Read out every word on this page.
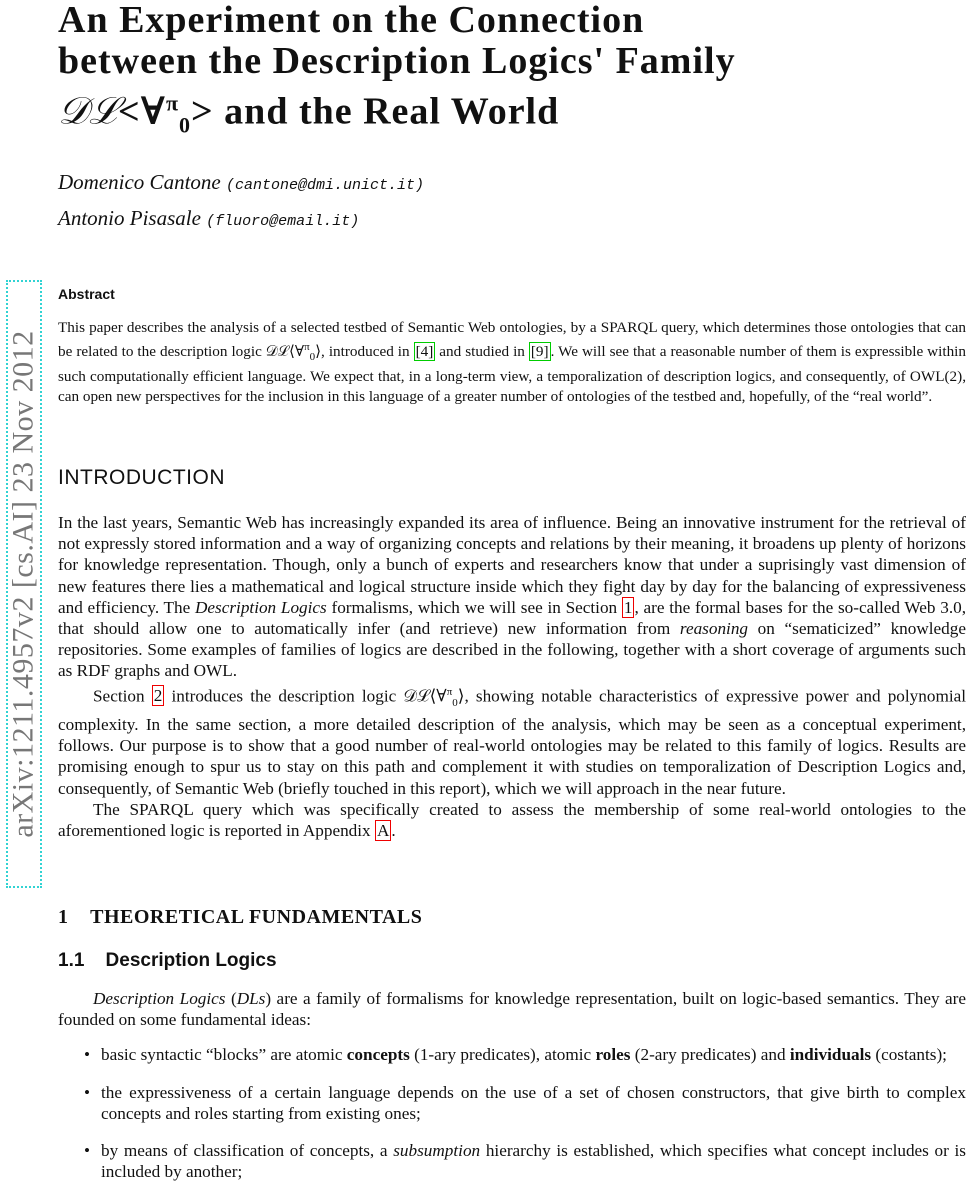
An Experiment on the Connection
between the Description Logics' Family
𝒟ℒ<∀$^\pi_0$> and the Real World
Domenico Cantone (cantone@dmi.unict.it)
Antonio Pisasale (fluoro@email.it)
arXiv:1211.4957v2 [cs.AI] 23 Nov 2012
Abstract
This paper describes the analysis of a selected testbed of Semantic Web ontologies, by a SPARQL query, which determines those ontologies that can be related to the description logic 𝒟ℒ⟨∀$^\pi_0$⟩, introduced in [4] and studied in [9] . We will see that a reasonable number of them is expressible within such computationally efficient language. We expect that, in a long-term view, a temporalization of description logics, and consequently, of OWL(2), can open new perspectives for the inclusion in this language of a greater number of ontologies of the testbed and, hopefully, of the “real world”.
INTRODUCTION

In the last years, Semantic Web has increasingly expanded its area of influence. Being an innovative instrument for the retrieval of not expressly stored information and a way of organizing concepts and relations by their meaning, it broadens up plenty of horizons for knowledge representation. Though, only a bunch of experts and researchers know that under a suprisingly vast dimension of new features there lies a mathematical and logical structure inside which they fight day by day for the balancing of expressiveness and efficiency. The Description Logics formalisms, which we will see in Section 1 , are the formal bases for the so-called Web 3.0, that should allow one to automatically infer (and retrieve) new information from reasoning on “sematicized” knowledge repositories. Some examples of families of logics are described in the following, together with a short coverage of arguments such as RDF graphs and OWL.

Section 2 introduces the description logic 𝒟ℒ⟨∀$^\pi_0$⟩, showing notable characteristics of expressive power and polynomial complexity. In the same section, a more detailed description of the analysis, which may be seen as a conceptual experiment, follows. Our purpose is to show that a good number of real-world ontologies may be related to this family of logics. Results are promising enough to spur us to stay on this path and complement it with studies on temporalization of Description Logics and, consequently, of Semantic Web (briefly touched in this report), which we will approach in the near future.

The SPARQL query which was specifically created to assess the membership of some real-world ontologies to the aforementioned logic is reported in Appendix A .

1    THEORETICAL FUNDAMENTALS
1.1    Description Logics

Description Logics (DLs) are a family of formalisms for knowledge representation, built on logic-based semantics. They are founded on some fundamental ideas:

• basic syntactic “blocks” are atomic concepts (1-ary predicates), atomic roles (2-ary predicates) and individuals (costants);
• the expressiveness of a certain language depends on the use of a set of chosen constructors, that give birth to complex concepts and roles starting from existing ones;
• by means of classification of concepts, a subsumption hierarchy is established, which specifies what concept includes or is included by another;
